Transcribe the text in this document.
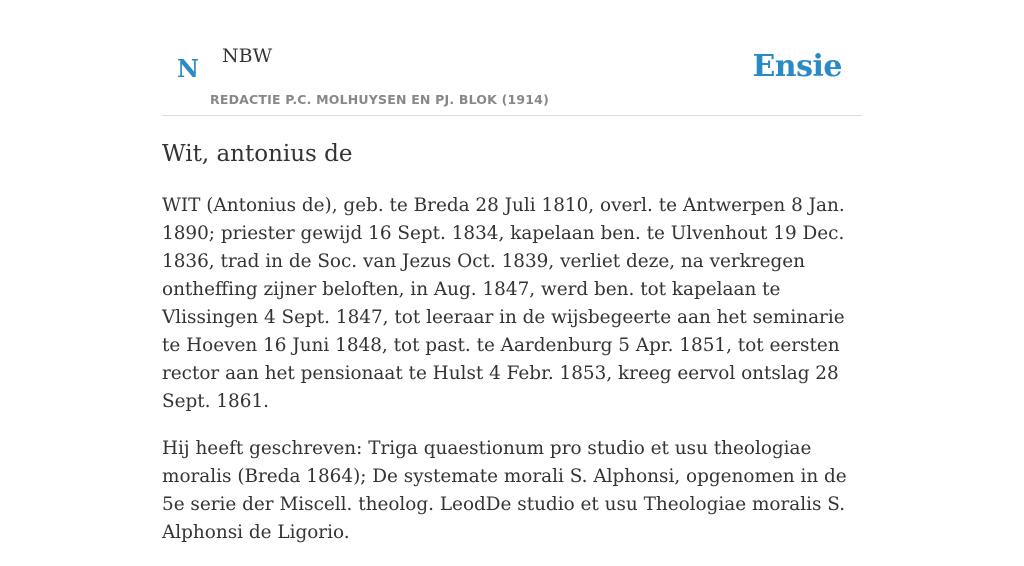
N NBW
REDACTIE P.C. MOLHUYSEN EN PJ. BLOK (1914)
Ensie
Wit, antonius de

WIT (Antonius de), geb. te Breda 28 Juli 1810, overl. te Antwerpen 8 Jan. 1890; priester gewijd 16 Sept. 1834, kapelaan ben. te Ulvenhout 19 Dec. 1836, trad in de Soc. van Jezus Oct. 1839, verliet deze, na verkregen ontheffing zijner beloften, in Aug. 1847, werd ben. tot kapelaan te Vlissingen 4 Sept. 1847, tot leeraar in de wijsbegeerte aan het seminarie te Hoeven 16 Juni 1848, tot past. te Aardenburg 5 Apr. 1851, tot eersten rector aan het pensionaat te Hulst 4 Febr. 1853, kreeg eervol ontslag 28 Sept. 1861.

Hij heeft geschreven: Triga quaestionum pro studio et usu theologiae moralis (Breda 1864); De systemate morali S. Alphonsi, opgenomen in de 5e serie der Miscell. theolog. LeodDe studio et usu Theologiae moralis S. Alphonsi de Ligorio.
